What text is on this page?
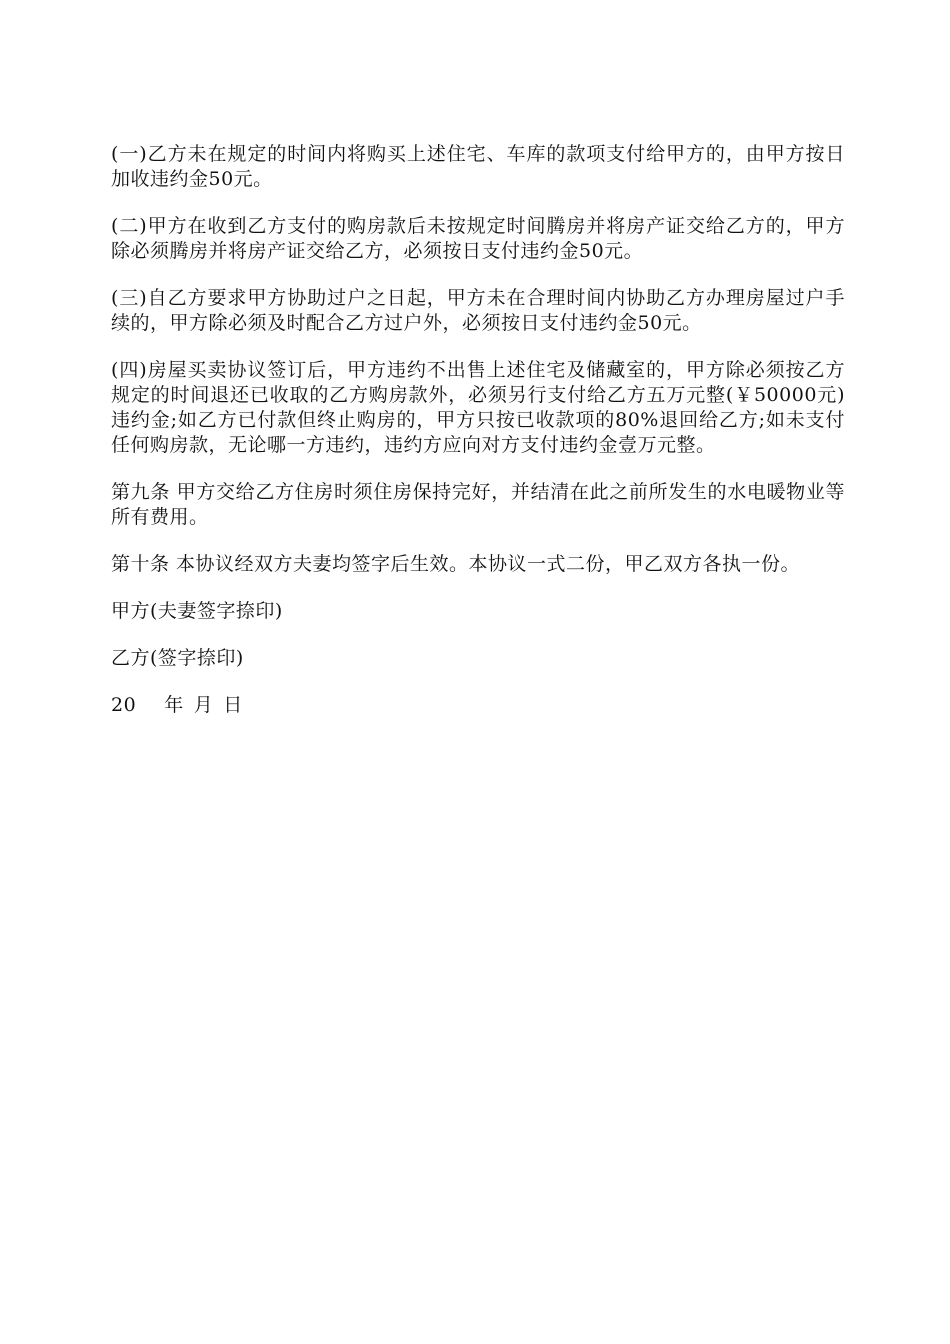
(一)乙方未在规定的时间内将购买上述住宅、车库的款项支付给甲方的，由甲方按日加收违约金50元。

(二)甲方在收到乙方支付的购房款后未按规定时间腾房并将房产证交给乙方的，甲方除必须腾房并将房产证交给乙方，必须按日支付违约金50元。

(三)自乙方要求甲方协助过户之日起，甲方未在合理时间内协助乙方办理房屋过户手续的，甲方除必须及时配合乙方过户外，必须按日支付违约金50元。

(四)房屋买卖协议签订后，甲方违约不出售上述住宅及储藏室的，甲方除必须按乙方规定的时间退还已收取的乙方购房款外，必须另行支付给乙方五万元整(￥50000元)违约金;如乙方已付款但终止购房的，甲方只按已收款项的80%退回给乙方;如未支付任何购房款，无论哪一方违约，违约方应向对方支付违约金壹万元整。

第九条 甲方交给乙方住房时须住房保持完好，并结清在此之前所发生的水电暖物业等所有费用。

第十条 本协议经双方夫妻均签字后生效。本协议一式二份，甲乙双方各执一份。

甲方(夫妻签字捺印)

乙方(签字捺印)

20 年 月 日
